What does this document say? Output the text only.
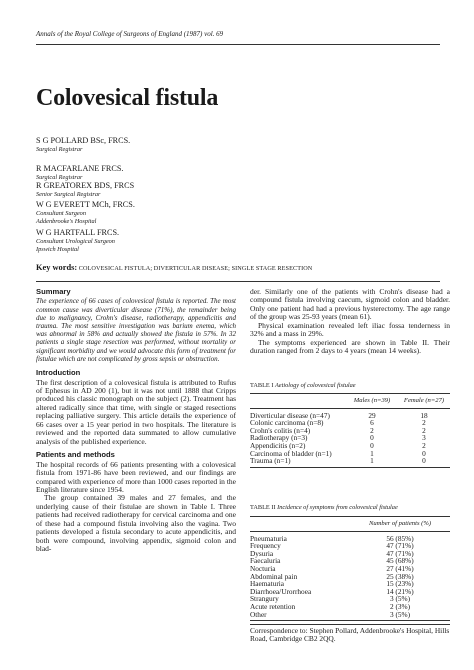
Annals of the Royal College of Surgeons of England (1987) vol. 69
Colovesical fistula
S G POLLARD BSc, FRCS.
Surgical Registrar
R MACFARLANE FRCS.
Surgical Registrar
R GREATOREX BDS, FRCS
Senior Surgical Registrar
W G EVERETT MCh, FRCS.
Consultant Surgeon
Addenbrooke's Hospital
W G HARTFALL FRCS.
Consultant Urological Surgeon
Ipswich Hospital
Key words: COLOVESICAL FISTULA; DIVERTICULAR DISEASE; SINGLE STAGE RESECTION
Summary

The experience of 66 cases of colovesical fistula is reported. The most common cause was diverticular disease (71%), the remainder being due to malignancy, Crohn's disease, radiotherapy, appendicitis and trauma. The most sensitive investigation was barium enema, which was abnormal in 58% and actually showed the fistula in 57%. In 32 patients a single stage resection was performed, without mortality or significant morbidity and we would advocate this form of treatment for fistulae which are not complicated by gross sepsis or obstruction.

Introduction

The first description of a colovesical fistula is attributed to Rufus of Ephesus in AD 200 (1), but it was not until 1888 that Cripps produced his classic monograph on the subject (2). Treatment has altered radically since that time, with single or staged resections replacing palliative surgery. This article details the experience of 66 cases over a 15 year period in two hospitals. The literature is reviewed and the reported data summated to allow cumulative analysis of the published experience.

Patients and methods

The hospital records of 66 patients presenting with a colovesical fistula from 1971-86 have been reviewed, and our findings are compared with experience of more than 1000 cases reported in the English literature since 1954.

The group contained 39 males and 27 females, and the underlying cause of their fistulae are shown in Table I. Three patients had received radiotherapy for cervical carcinoma and one of these had a compound fistula involving also the vagina. Two patients developed a fistula secondary to acute appendicitis, and both were compound, involving appendix, sigmoid colon and blad-

der. Similarly one of the patients with Crohn's disease had a compound fistula involving caecum, sigmoid colon and bladder. Only one patient had had a previous hysterectomy. The age range of the group was 25-93 years (mean 61).

Physical examination revealed left iliac fossa tenderness in 32% and a mass in 29%.

The symptoms experienced are shown in Table II. Their duration ranged from 2 days to 4 years (mean 14 weeks).

TABLE I Aetiology of colovesical fistulae
	Males (n=39)	Female (n=27)

Diverticular disease (n=47)	29	18
Colonic carcinoma (n=8)	6	2
Crohn's colitis (n=4)	2	2
Radiotherapy (n=3)	0	3
Appendicitis (n=2)	0	2
Carcinoma of bladder (n=1)	1	0
Trauma (n=1)	1	0

TABLE II Incidence of symptoms from colovesical fistulae
	Number of patients (%)

Pneumaturia	56 (85%)
Frequency	47 (71%)
Dysuria	47 (71%)
Faecaluria	45 (68%)
Nocturia	27 (41%)
Abdominal pain	25 (38%)
Haematuria	15 (23%)
Diarrhoea/Urorrhoea	14 (21%)
Strangury	3 (5%)
Acute retention	2 (3%)
Other	3 (5%)

Correspondence to: Stephen Pollard, Addenbrooke's Hospital, Hills Road, Cambridge CB2 2QQ.
